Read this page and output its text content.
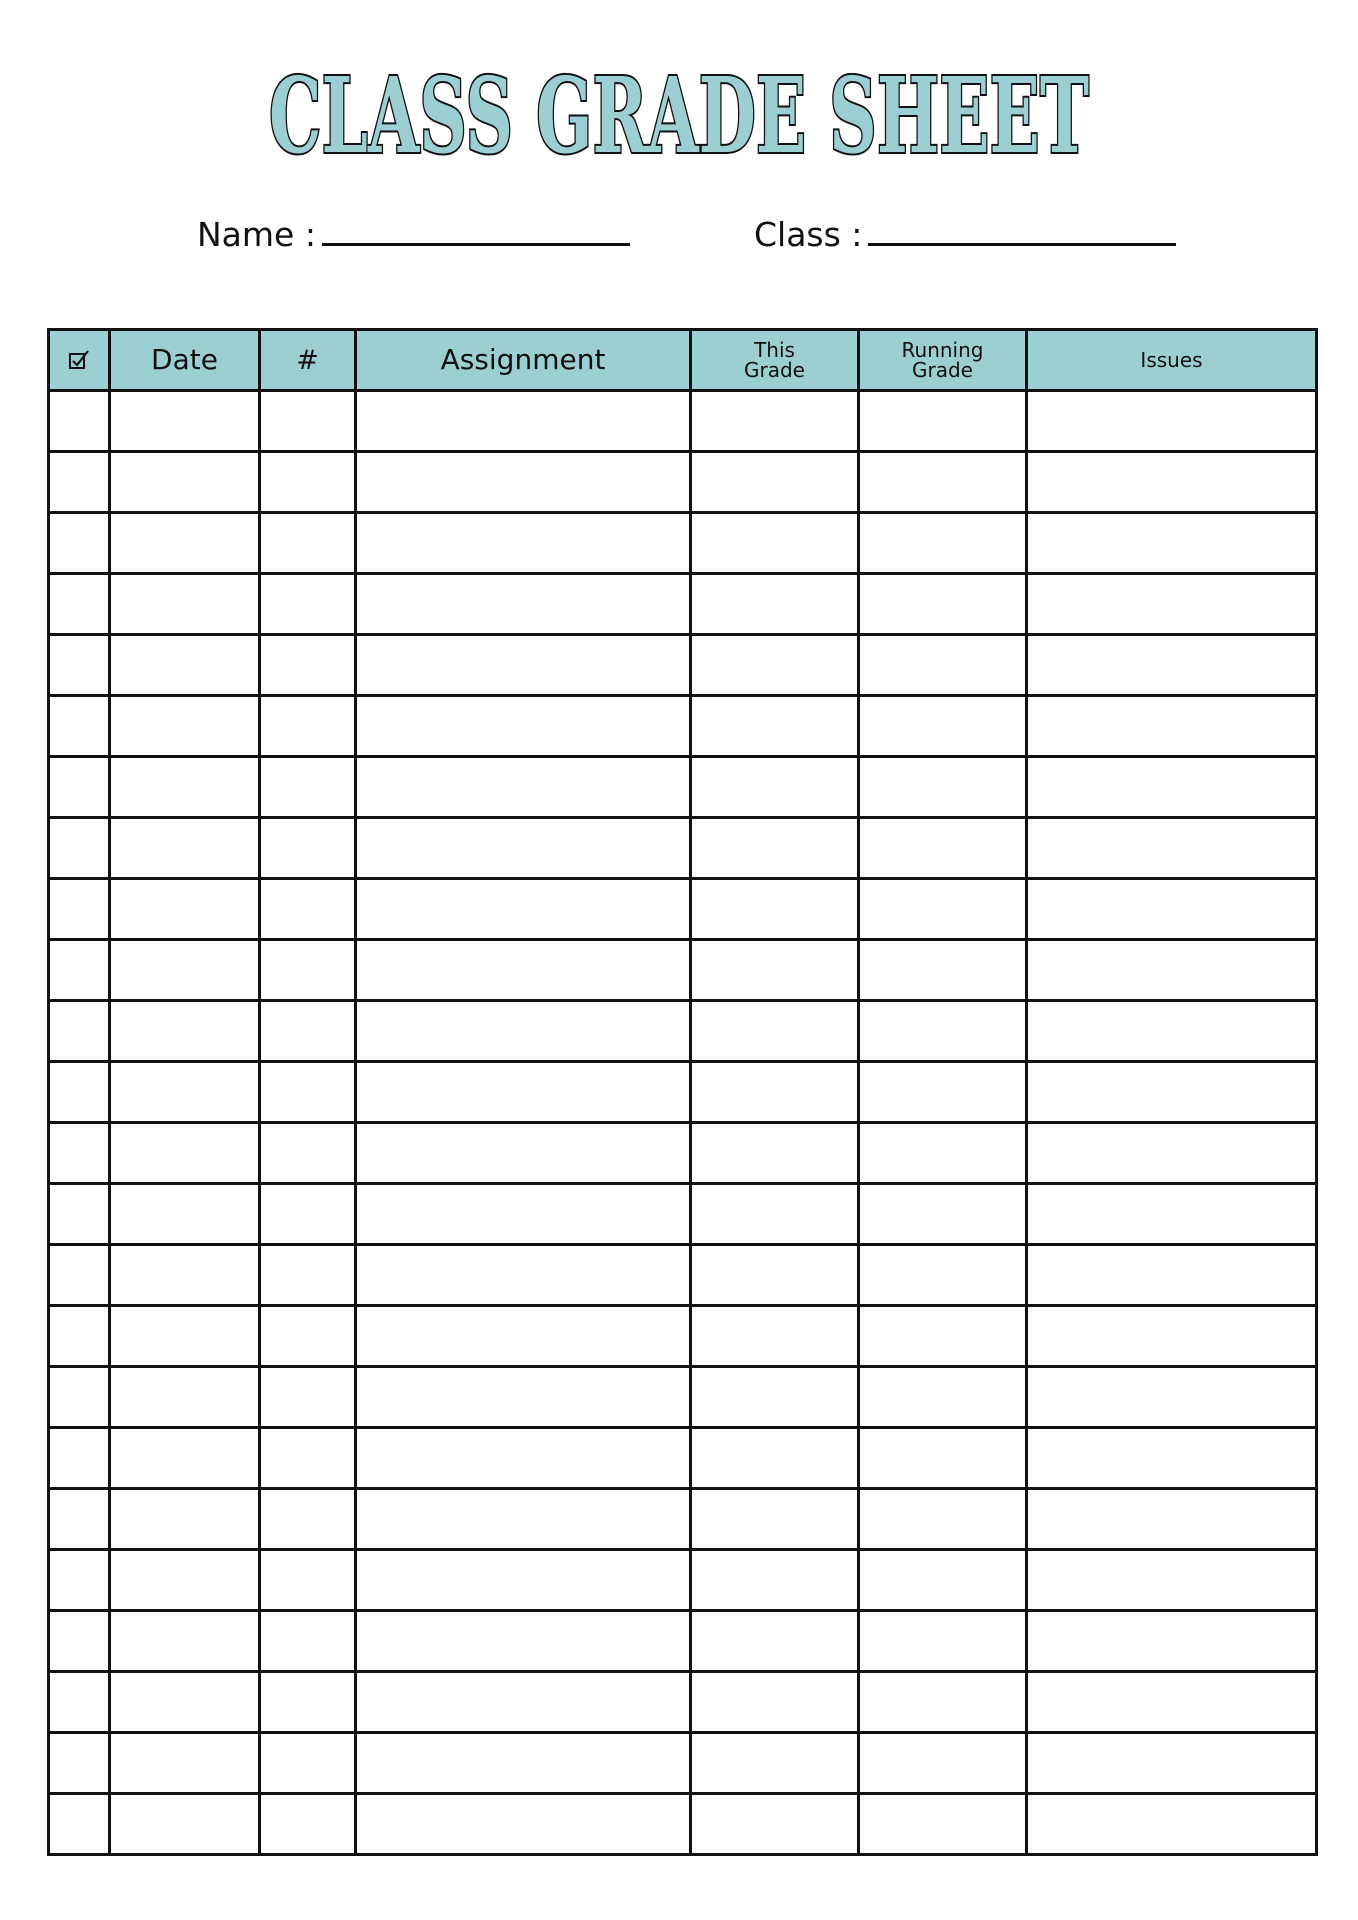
CLASS GRADE SHEET
Name :	Class :
	Date	#	Assignment	This Grade	Running Grade	Issues
